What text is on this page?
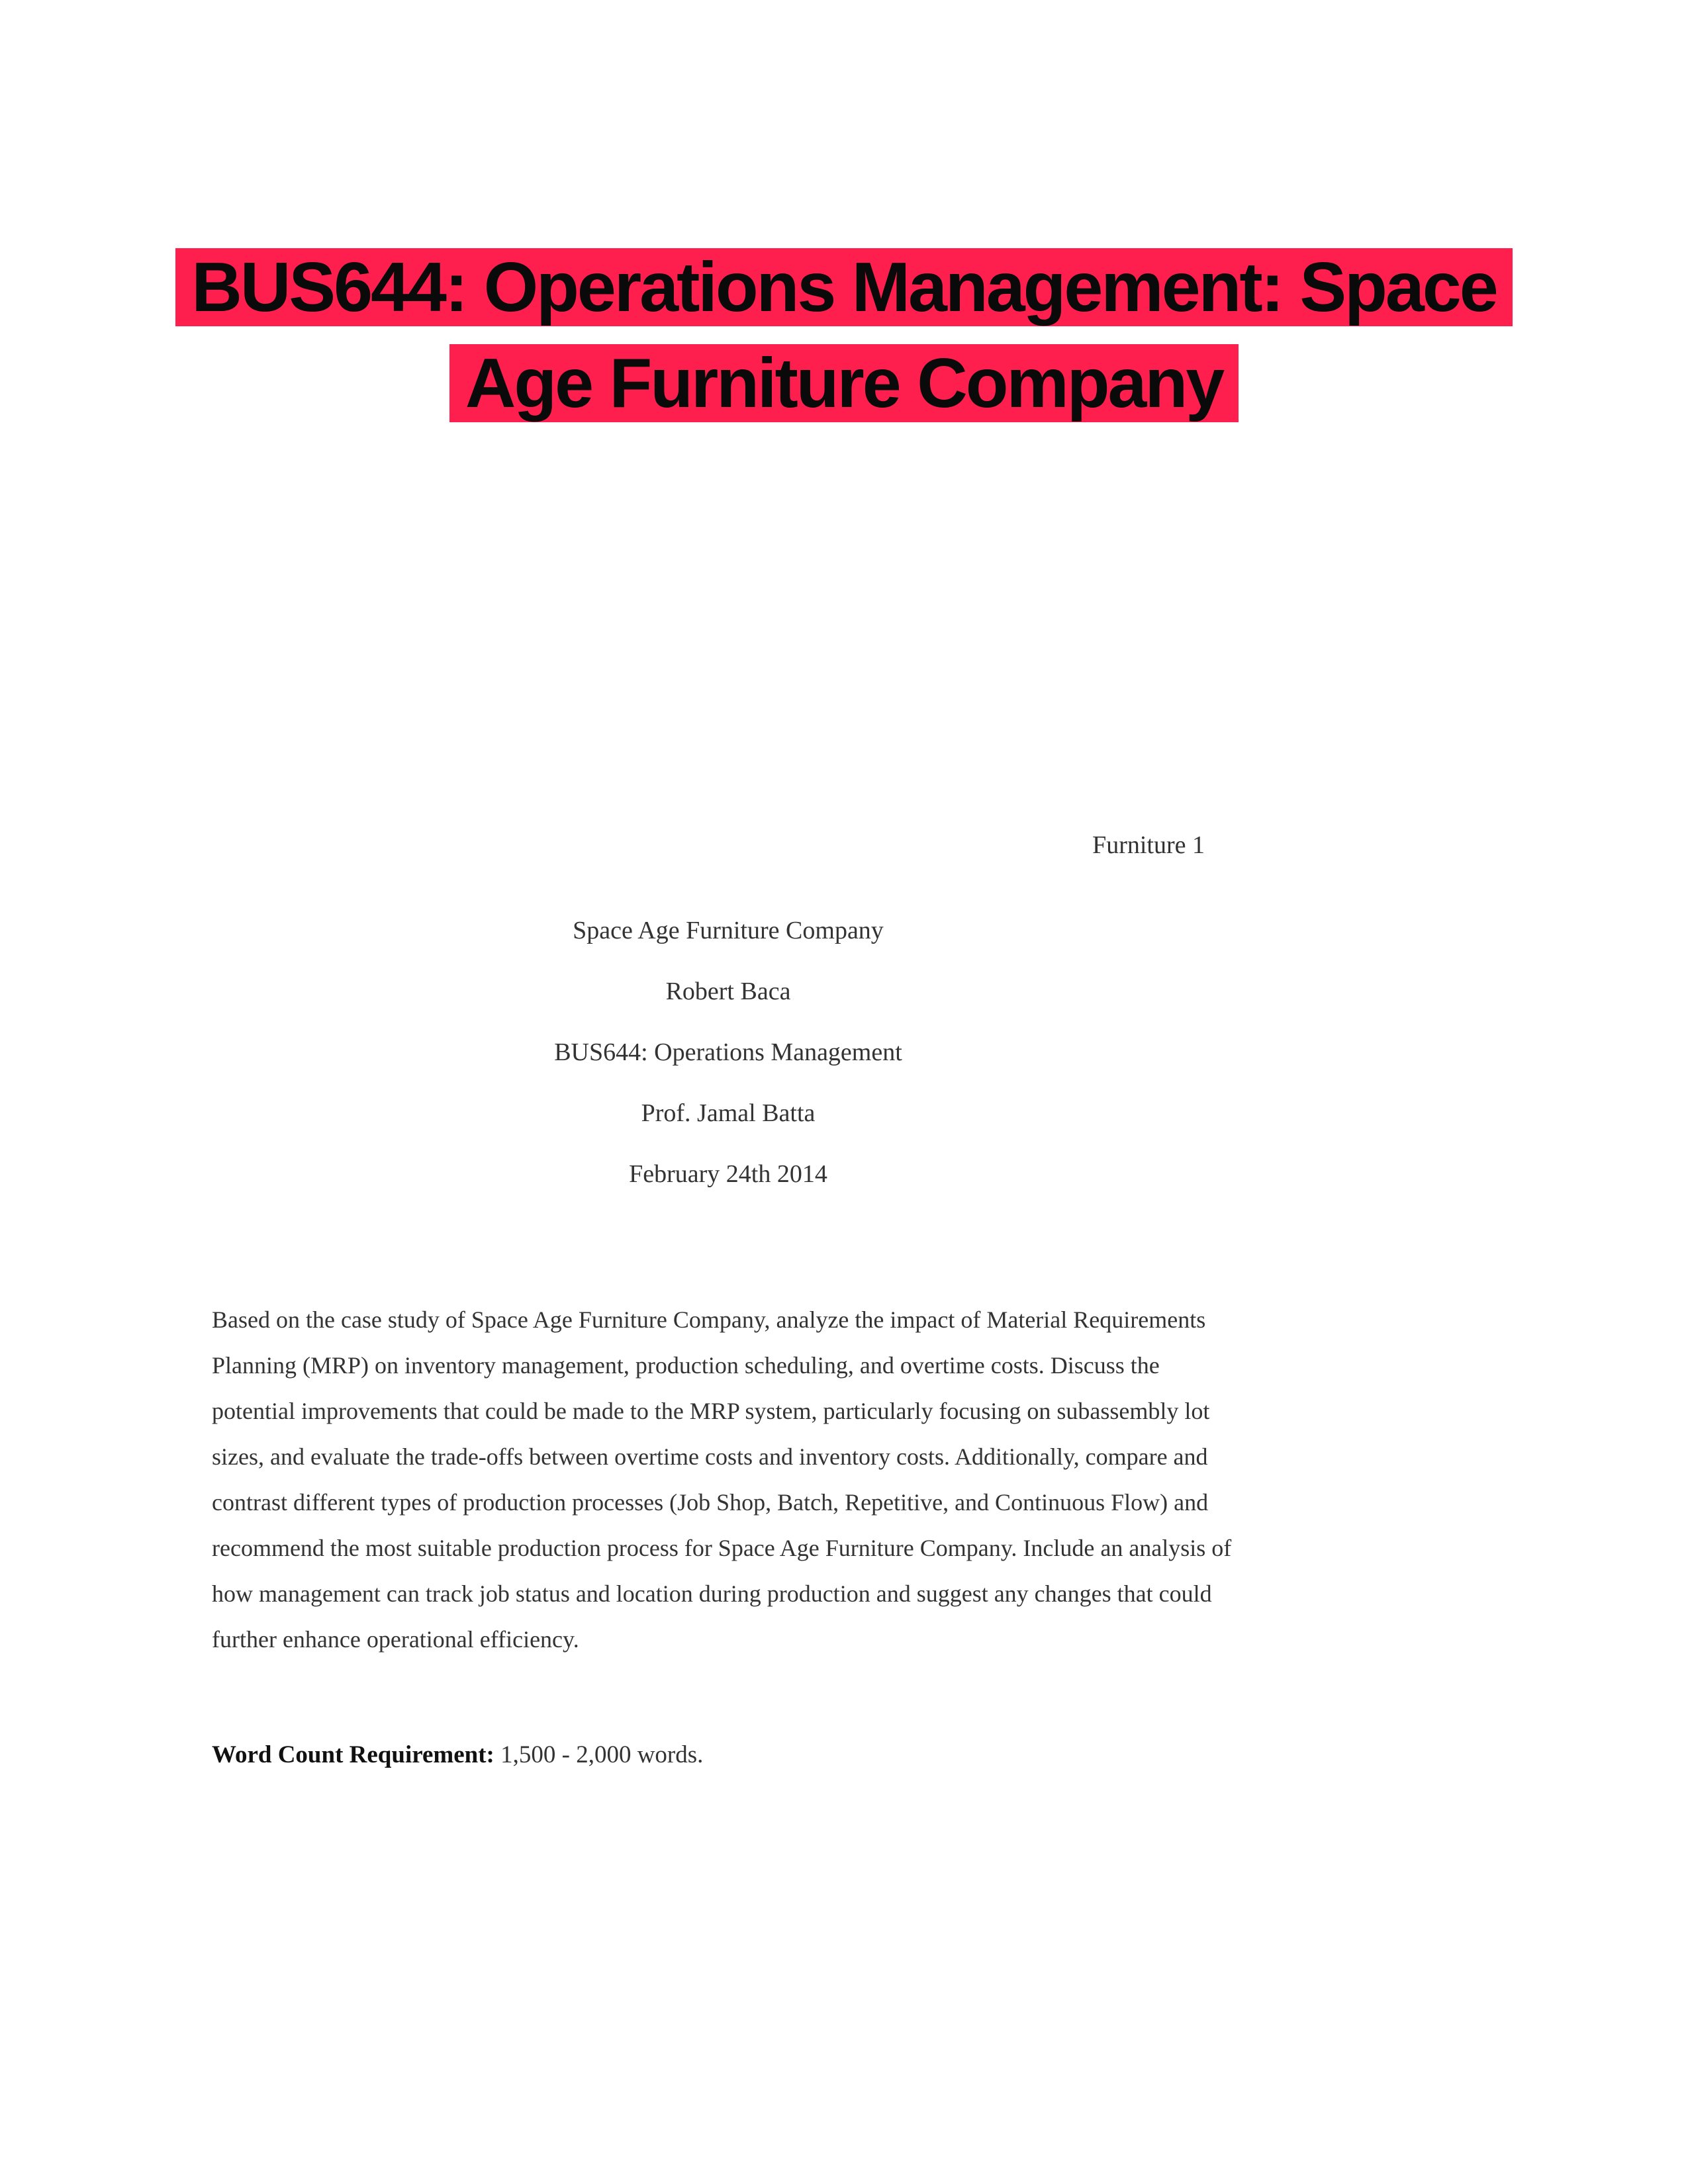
BUS644: Operations Management: Space
Age Furniture Company
Furniture 1
Space Age Furniture Company
Robert Baca
BUS644: Operations Management
Prof. Jamal Batta
February 24th 2014

Based on the case study of Space Age Furniture Company, analyze the impact of Material Requirements Planning (MRP) on inventory management, production scheduling, and overtime costs. Discuss the potential improvements that could be made to the MRP system, particularly focusing on subassembly lot sizes, and evaluate the trade-offs between overtime costs and inventory costs. Additionally, compare and contrast different types of production processes (Job Shop, Batch, Repetitive, and Continuous Flow) and recommend the most suitable production process for Space Age Furniture Company. Include an analysis of how management can track job status and location during production and suggest any changes that could further enhance operational efficiency.

Word Count Requirement: 1,500 - 2,000 words.
